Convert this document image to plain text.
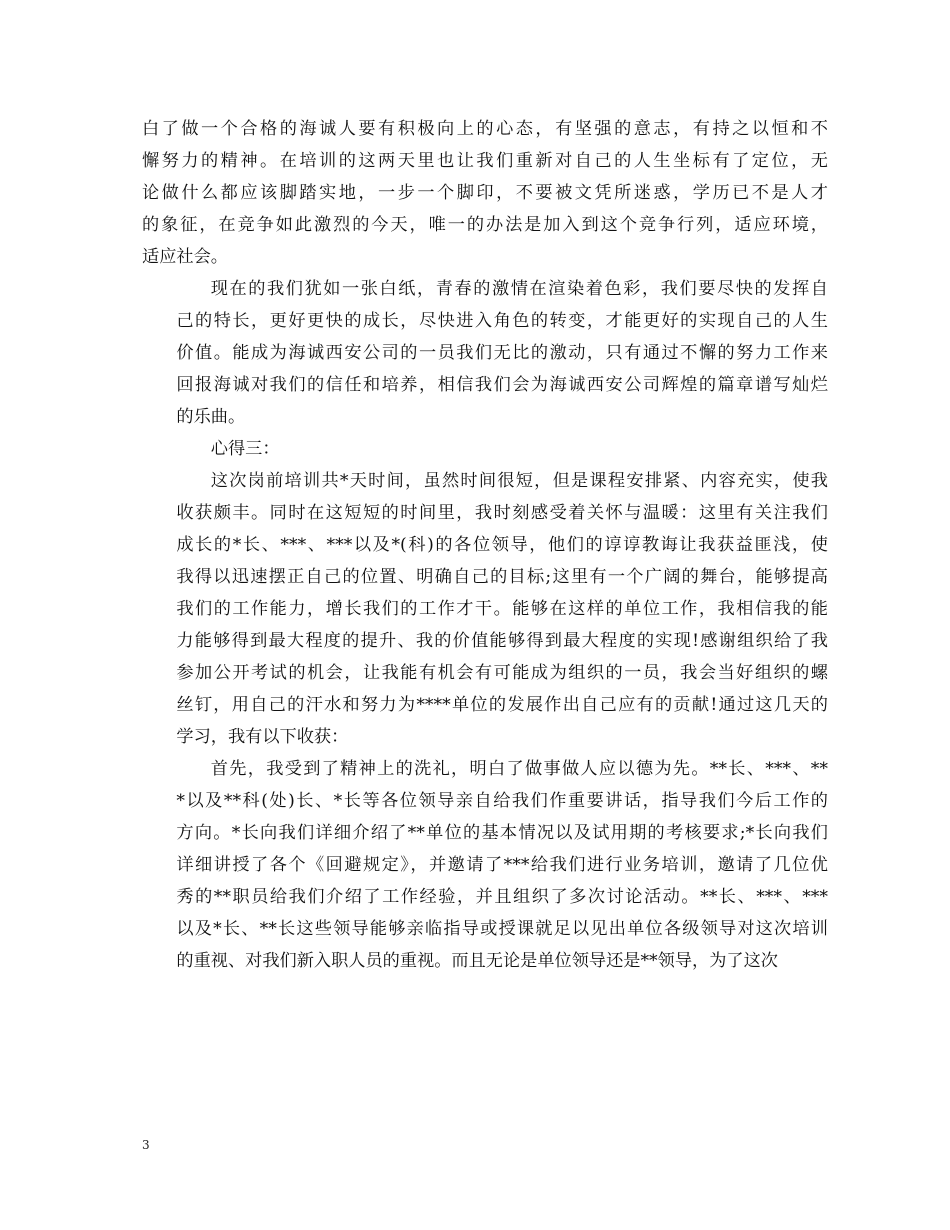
白了做一个合格的海诚人要有积极向上的心态，有坚强的意志，有持之以恒和不
懈努力的精神。在培训的这两天里也让我们重新对自己的人生坐标有了定位，无
论做什么都应该脚踏实地，一步一个脚印，不要被文凭所迷惑，学历已不是人才
的象征，在竞争如此激烈的今天，唯一的办法是加入到这个竞争行列，适应环境，
适应社会。
现在的我们犹如一张白纸，青春的激情在渲染着色彩，我们要尽快的发挥自
己的特长，更好更快的成长，尽快进入角色的转变，才能更好的实现自己的人生
价值。能成为海诚西安公司的一员我们无比的激动，只有通过不懈的努力工作来
回报海诚对我们的信任和培养，相信我们会为海诚西安公司辉煌的篇章谱写灿烂
的乐曲。
心得三：
这次岗前培训共*天时间，虽然时间很短，但是课程安排紧、内容充实，使我
收获颇丰。同时在这短短的时间里，我时刻感受着关怀与温暖：这里有关注我们
成长的*长、***、***以及*(科)的各位领导，他们的谆谆教诲让我获益匪浅，使
我得以迅速摆正自己的位置、明确自己的目标;这里有一个广阔的舞台，能够提高
我们的工作能力，增长我们的工作才干。能够在这样的单位工作，我相信我的能
力能够得到最大程度的提升、我的价值能够得到最大程度的实现!感谢组织给了我
参加公开考试的机会，让我能有机会有可能成为组织的一员，我会当好组织的螺
丝钉，用自己的汗水和努力为****单位的发展作出自己应有的贡献!通过这几天的
学习，我有以下收获：
首先，我受到了精神上的洗礼，明白了做事做人应以德为先。**长、***、**
*以及**科(处)长、*长等各位领导亲自给我们作重要讲话，指导我们今后工作的
方向。*长向我们详细介绍了**单位的基本情况以及试用期的考核要求;*长向我们
详细讲授了各个《回避规定》，并邀请了***给我们进行业务培训，邀请了几位优
秀的**职员给我们介绍了工作经验，并且组织了多次讨论活动。**长、***、***
以及*长、**长这些领导能够亲临指导或授课就足以见出单位各级领导对这次培训
的重视、对我们新入职人员的重视。而且无论是单位领导还是**领导，为了这次
3
